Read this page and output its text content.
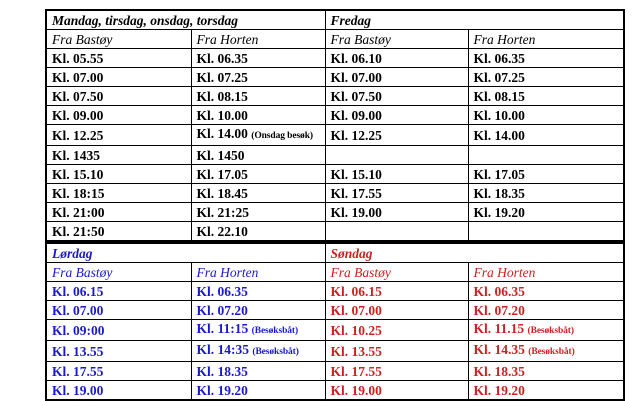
Mandag, tirsdag, onsdag, torsdag		Fredag	
Fra Bastøy	Fra Horten	Fra Bastøy	Fra Horten
Kl. 05.55	Kl. 06.35	Kl. 06.10	Kl. 06.35
Kl. 07.00	Kl. 07.25	Kl. 07.00	Kl. 07.25
Kl. 07.50	Kl. 08.15	Kl. 07.50	Kl. 08.15
Kl. 09.00	Kl. 10.00	Kl. 09.00	Kl. 10.00
Kl. 12.25	Kl. 14.00 (Onsdag besøk)	Kl. 12.25	Kl. 14.00
Kl. 1435	Kl. 1450		
Kl. 15.10	Kl. 17.05	Kl. 15.10	Kl. 17.05
Kl. 18:15	Kl. 18.45	Kl. 17.55	Kl. 18.35
Kl. 21:00	Kl. 21:25	Kl. 19.00	Kl. 19.20
Kl. 21:50	Kl. 22.10		
Lørdag		Søndag	
Fra Bastøy	Fra Horten	Fra Bastøy	Fra Horten
Kl. 06.15	Kl. 06.35	Kl. 06.15	Kl. 06.35
Kl. 07.00	Kl. 07.20	Kl. 07.00	Kl. 07.20
Kl. 09:00	Kl. 11:15 (Besøksbåt)	Kl. 10.25	Kl. 11.15 (Besøksbåt)
Kl. 13.55	Kl. 14:35 (Besøksbåt)	Kl. 13.55	Kl. 14.35 (Besøksbåt)
Kl. 17.55	Kl. 18.35	Kl. 17.55	Kl. 18.35
Kl. 19.00	Kl. 19.20	Kl. 19.00	Kl. 19.20
